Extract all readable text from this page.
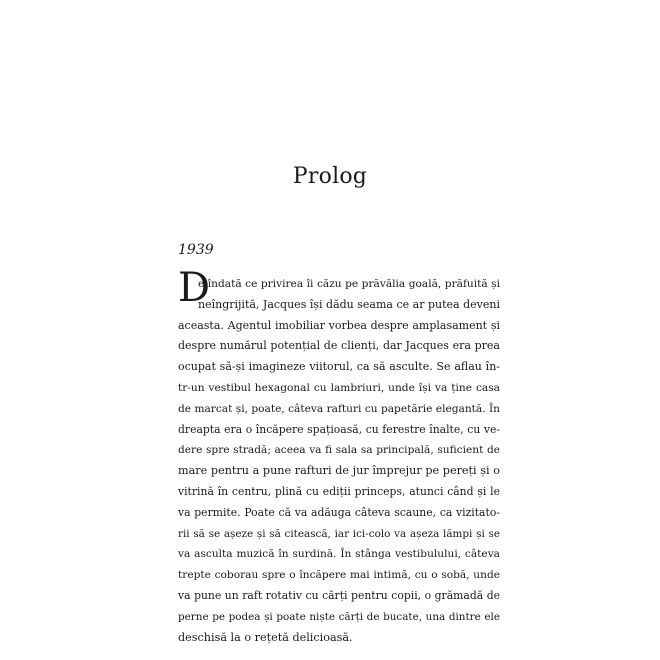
Prolog
1939
D
e îndată ce privirea îi căzu pe prăvălia goală, prăfuită și
neîngrijită, Jacques își dădu seama ce ar putea deveni
aceasta. Agentul imobiliar vorbea despre amplasament și
despre numărul potențial de clienți, dar Jacques era prea
ocupat să-și imagineze viitorul, ca să asculte. Se aflau în-
tr-un vestibul hexagonal cu lambriuri, unde își va ține casa
de marcat și, poate, câteva rafturi cu papetărie elegantă. În
dreapta era o încăpere spațioasă, cu ferestre înalte, cu ve-
dere spre stradă; aceea va fi sala sa principală, suficient de
mare pentru a pune rafturi de jur împrejur pe pereți și o
vitrină în centru, plină cu ediții princeps, atunci când și le
va permite. Poate că va adăuga câteva scaune, ca vizitato-
rii să se așeze și să citească, iar ici-colo va așeza lămpi și se
va asculta muzică în surdină. În stânga vestibulului, câteva
trepte coborau spre o încăpere mai intimă, cu o sobă, unde
va pune un raft rotativ cu cărți pentru copii, o grămadă de
perne pe podea și poate niște cărți de bucate, una dintre ele
deschisă la o rețetă delicioasă.
